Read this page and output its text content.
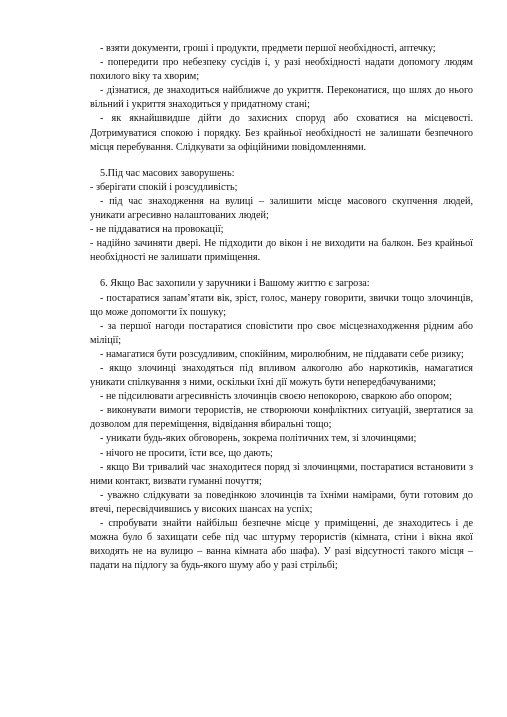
- взяти документи, гроші і продукти, предмети першої необхідності, аптечку;

- попередити про небезпеку сусідів і, у разі необхідності надати допомогу людям похилого віку та хворим;

- дізнатися, де знаходиться найближче до укриття. Переконатися, що шлях до нього вільний і укриття знаходиться у придатному стані;

- як якнайшвидше дійти до захисних споруд або сховатися на місцевості. Дотримуватися спокою і порядку. Без крайньої необхідності не залишати безпечного місця перебування. Слідкувати за офіційними повідомленнями.

5.Під час масових заворушень:

- зберігати спокій і розсудливість;

- під час знаходження на вулиці – залишити місце масового скупчення людей, уникати агресивно налаштованих людей;

- не піддаватися на провокації;

- надійно зачиняти двері. Не підходити до вікон і не виходити на балкон. Без крайньої необхідності не залишати приміщення.

6. Якщо Вас захопили у заручники і Вашому життю є загроза:

- постаратися запам’ятати вік, зріст, голос, манеру говорити, звички тощо злочинців, що може допомогти їх пошуку;

- за першої нагоди постаратися сповістити про своє місцезнаходження рідним або міліції;

- намагатися бути розсудливим, спокійним, миролюбним, не піддавати себе ризику;

- якщо злочинці знаходяться під впливом алкоголю або наркотиків, намагатися уникати спілкування з ними, оскільки їхні дії можуть бути непередбачуваними;

- не підсилювати агресивність злочинців своєю непокорою, сваркою або опором;

- виконувати вимоги терористів, не створюючи конфліктних ситуацій, звертатися за дозволом для переміщення, відвідання вбиральні тощо;

- уникати будь-яких обговорень, зокрема політичних тем, зі злочинцями;

- нічого не просити, їсти все, що дають;

- якщо Ви тривалий час знаходитеся поряд зі злочинцями, постаратися встановити з ними контакт, визвати гуманні почуття;

- уважно слідкувати за поведінкою злочинців та їхніми намірами, бути готовим до втечі, пересвідчившись у високих шансах на успіх;

- спробувати знайти найбільш безпечне місце у приміщенні, де знаходитесь і де можна було б захищати себе під час штурму терористів (кімната, стіни і вікна якої виходять не на вулицю – ванна кімната або шафа). У разі відсутності такого місця – падати на підлогу за будь-якого шуму або у разі стрільбі;
